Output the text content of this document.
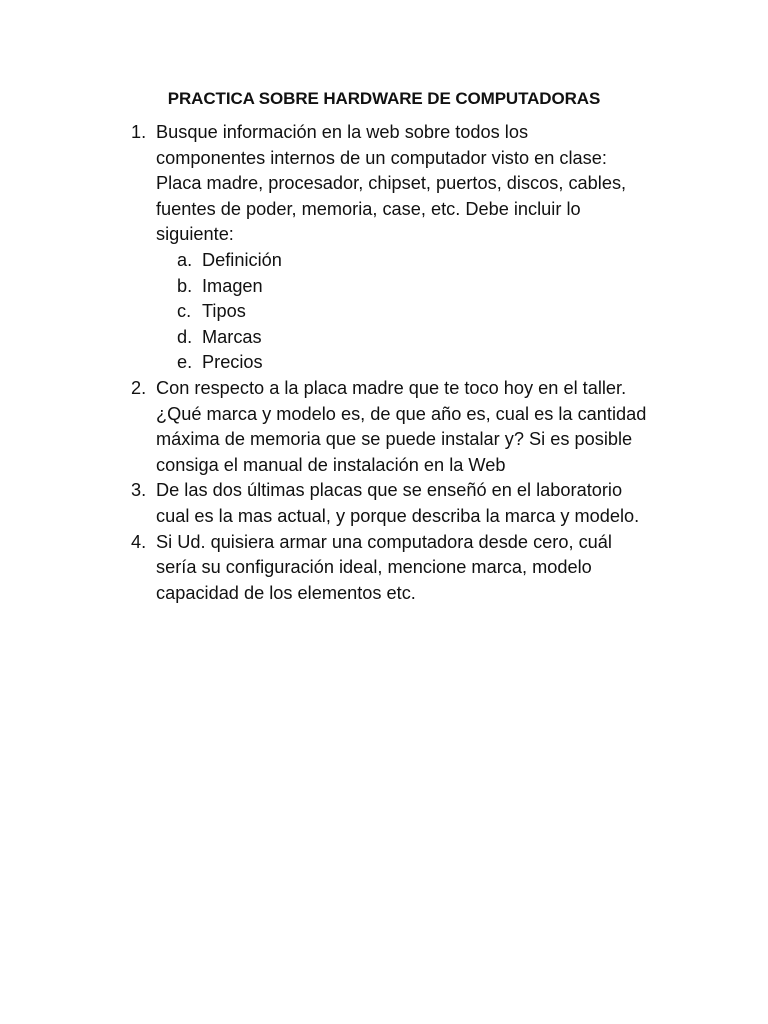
PRACTICA SOBRE HARDWARE DE COMPUTADORAS
1. Busque información en la web sobre todos los
componentes internos de un computador visto en clase:
Placa madre, procesador, chipset, puertos, discos, cables,
fuentes de poder, memoria, case, etc. Debe incluir lo
siguiente:
a. Definición
b. Imagen
c. Tipos
d. Marcas
e. Precios
2. Con respecto a la placa madre que te toco hoy en el taller.
¿Qué marca y modelo es, de que año es, cual es la cantidad
máxima de memoria que se puede instalar y? Si es posible
consiga el manual de instalación en la Web
3. De las dos últimas placas que se enseñó en el laboratorio
cual es la mas actual, y porque describa la marca y modelo.
4. Si Ud. quisiera armar una computadora desde cero, cuál
sería su configuración ideal, mencione marca, modelo
capacidad de los elementos etc.
